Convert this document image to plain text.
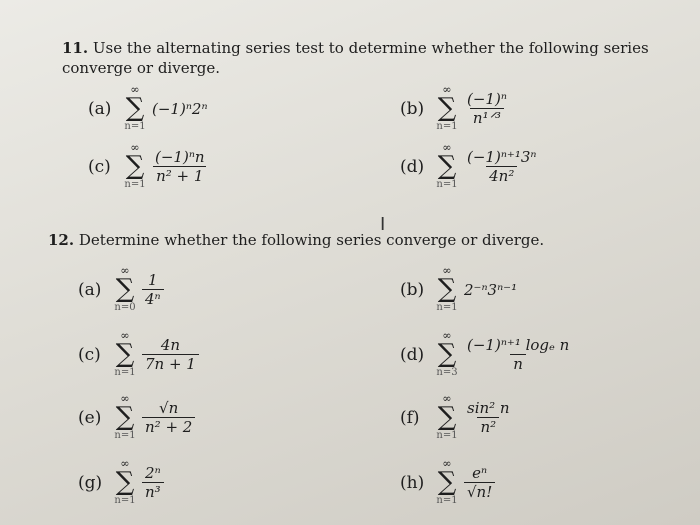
11. Use the alternating series test to determine whether the following series converge or diverge.
(a)
∞
∑
n=1
(−1)ⁿ2ⁿ	(b)
∞
∑
$n=1 \frac{\text{(−1)ⁿ}}{\text{n¹ᐟ³}}$
(c)
∞
∑
$n=1 \frac{\text{(−1)ⁿn}}{\text{n² + 1}}$	(d)
∞
∑
$n=1 \frac{\text{(−1)ⁿ⁺¹3ⁿ}}{\text{4n²}}$
12. Determine whether the following series converge or diverge.
I
(a)
∞
∑
$n=0 \frac{1}{\text{4ⁿ}}$	(b)
∞
∑
n=1
2⁻ⁿ3ⁿ⁻¹
(c)
∞
∑
$n=1 \frac{4n}{7n + 1}$	(d)
∞
∑
$n=3 \frac{\text{(−1)ⁿ⁺¹ logₑ n}}{n}$
(e)
∞
∑
$n=1 \frac{√n}{\text{n² + 2}}$	(f)
∞
∑
$n=1 \frac{\text{sin² n}}{\text{n²}}$
(g)
∞
∑
$n=1 \frac{\text{2ⁿ}}{\text{n³}}$	(h)
∞
∑
$n=1 \frac{\text{eⁿ}}{√n!}$
